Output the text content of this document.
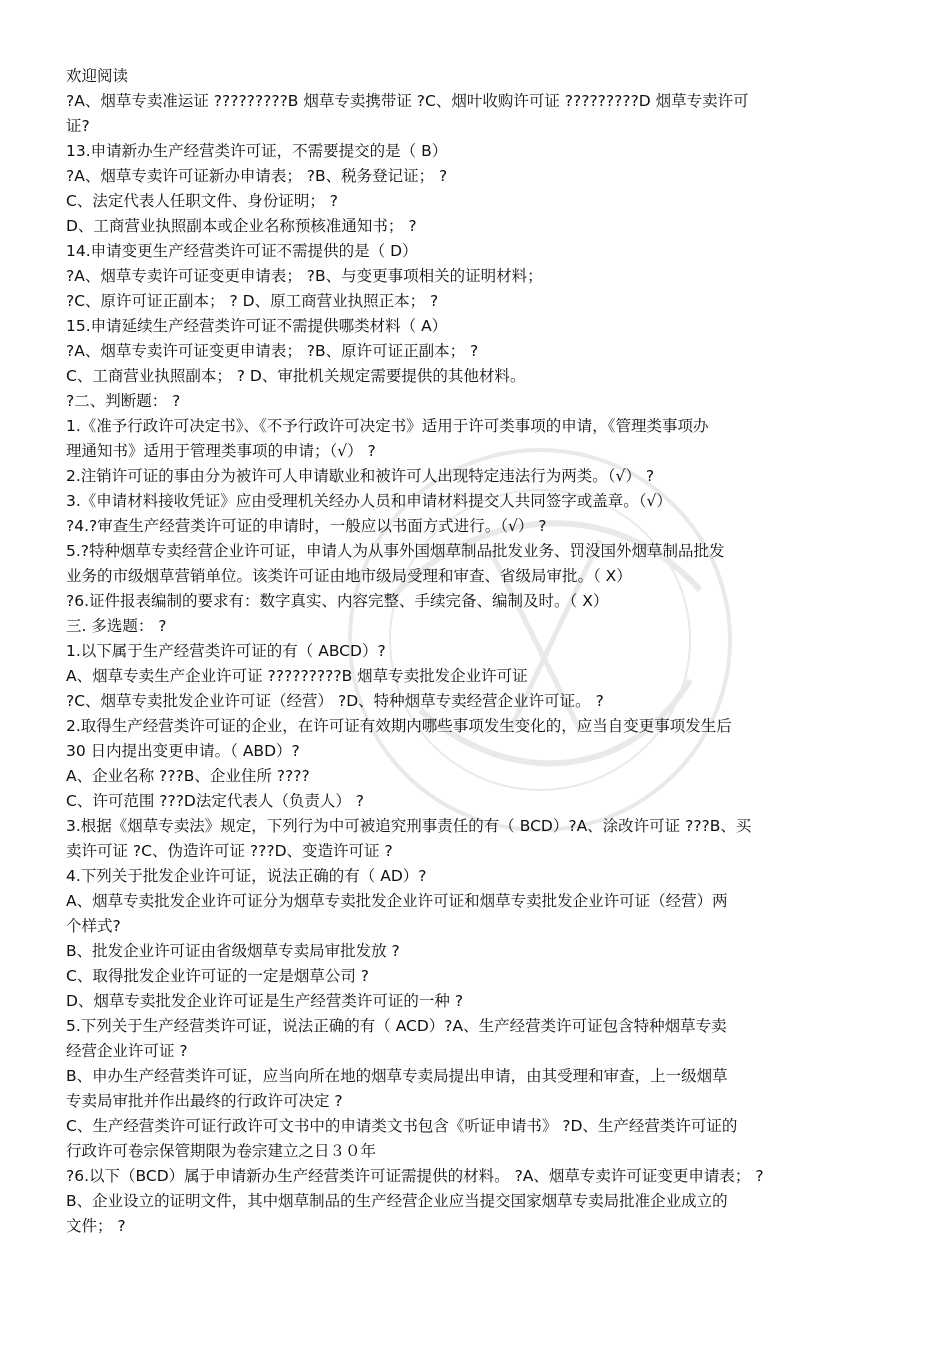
欢迎阅读
?A、烟草专卖准运证 ?????????B 烟草专卖携带证 ?C、烟叶收购许可证 ?????????D 烟草专卖许可
证?
13.申请新办生产经营类许可证，不需要提交的是（ B）
?A、烟草专卖许可证新办申请表； ?B、税务登记证； ?
C、法定代表人任职文件、身份证明； ?
D、工商营业执照副本或企业名称预核准通知书； ?
14.申请变更生产经营类许可证不需提供的是（ D）
?A、烟草专卖许可证变更申请表； ?B、与变更事项相关的证明材料；
?C、原许可证正副本； ? D、原工商营业执照正本； ?
15.申请延续生产经营类许可证不需提供哪类材料（ A）
?A、烟草专卖许可证变更申请表； ?B、原许可证正副本； ?
C、工商营业执照副本； ? D、审批机关规定需要提供的其他材料。
?二、判断题： ?
1.《准予行政许可决定书》、《不予行政许可决定书》适用于许可类事项的申请，《管理类事项办
理通知书》适用于管理类事项的申请；（√） ?
2.注销许可证的事由分为被许可人申请歇业和被许可人出现特定违法行为两类。（√） ?
3.《申请材料接收凭证》应由受理机关经办人员和申请材料提交人共同签字或盖章。（√）
?4.?审查生产经营类许可证的申请时，一般应以书面方式进行。（√） ?
5.?特种烟草专卖经营企业许可证，申请人为从事外国烟草制品批发业务、罚没国外烟草制品批发
业务的市级烟草营销单位。该类许可证由地市级局受理和审查、省级局审批。（ X）
?6.证件报表编制的要求有：数字真实、内容完整、手续完备、编制及时。（ X）
三. 多选题： ?
1.以下属于生产经营类许可证的有（ ABCD）?
A、烟草专卖生产企业许可证 ?????????B 烟草专卖批发企业许可证
?C、烟草专卖批发企业许可证（经营） ?D、特种烟草专卖经营企业许可证。 ?
2.取得生产经营类许可证的企业，在许可证有效期内哪些事项发生变化的，应当自变更事项发生后
30 日内提出变更申请。（ ABD）?
A、企业名称 ???B、企业住所 ????
C、许可范围 ???D法定代表人（负责人） ?
3.根据《烟草专卖法》规定，下列行为中可被追究刑事责任的有（ BCD）?A、涂改许可证 ???B、买
卖许可证 ?C、伪造许可证 ???D、变造许可证 ?
4.下列关于批发企业许可证，说法正确的有（ AD）?
A、烟草专卖批发企业许可证分为烟草专卖批发企业许可证和烟草专卖批发企业许可证（经营）两
个样式?
B、批发企业许可证由省级烟草专卖局审批发放 ?
C、取得批发企业许可证的一定是烟草公司 ?
D、烟草专卖批发企业许可证是生产经营类许可证的一种 ?
5.下列关于生产经营类许可证，说法正确的有（ ACD）?A、生产经营类许可证包含特种烟草专卖
经营企业许可证 ?
B、申办生产经营类许可证，应当向所在地的烟草专卖局提出申请，由其受理和审查，上一级烟草
专卖局审批并作出最终的行政许可决定 ?
C、生产经营类许可证行政许可文书中的申请类文书包含《听证申请书》 ?D、生产经营类许可证的
行政许可卷宗保管期限为卷宗建立之日３０年
?6.以下（BCD）属于申请新办生产经营类许可证需提供的材料。 ?A、烟草专卖许可证变更申请表； ?
B、企业设立的证明文件，其中烟草制品的生产经营企业应当提交国家烟草专卖局批准企业成立的
文件； ?
